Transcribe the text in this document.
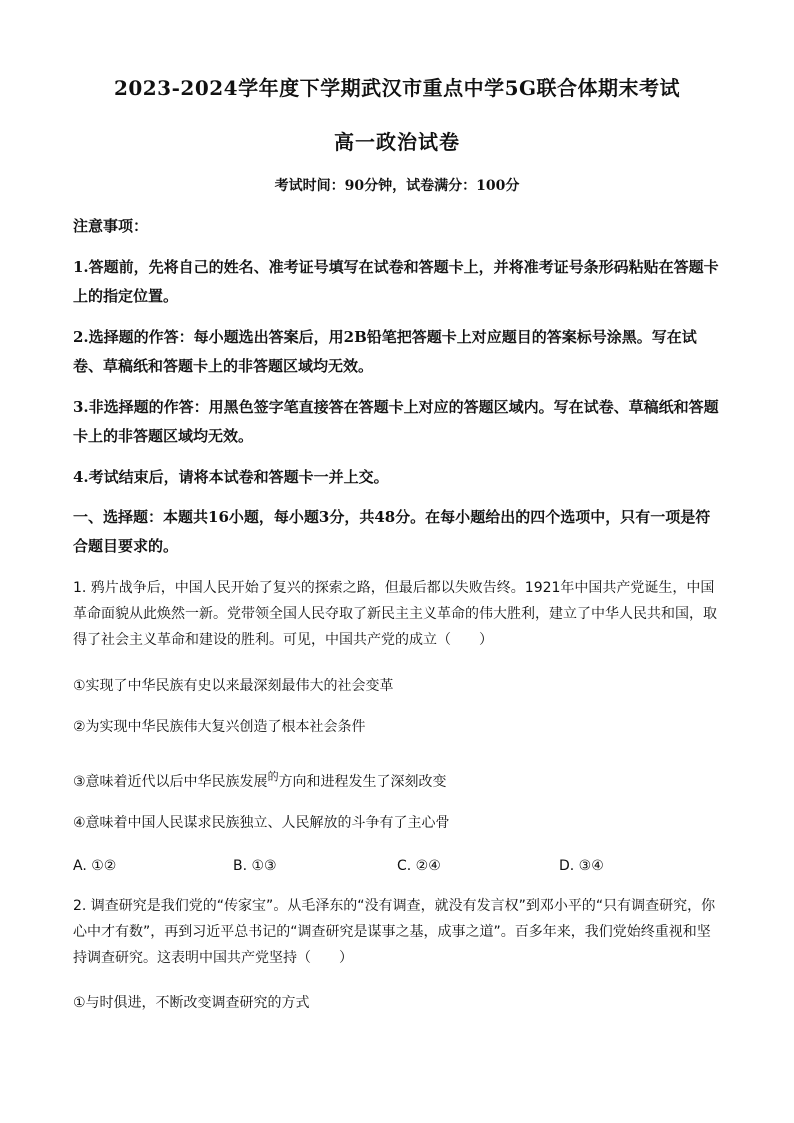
2023-2024学年度下学期武汉市重点中学5G联合体期末考试
高一政治试卷
考试时间：90分钟，试卷满分：100分
注意事项：
1.答题前，先将自己的姓名、准考证号填写在试卷和答题卡上，并将准考证号条形码粘贴在答题卡上的指定位置。
2.选择题的作答：每小题选出答案后，用2B铅笔把答题卡上对应题目的答案标号涂黑。写在试卷、草稿纸和答题卡上的非答题区域均无效。
3.非选择题的作答：用黑色签字笔直接答在答题卡上对应的答题区域内。写在试卷、草稿纸和答题卡上的非答题区域均无效。
4.考试结束后，请将本试卷和答题卡一并上交。
一、选择题：本题共16小题，每小题3分，共48分。在每小题给出的四个选项中，只有一项是符合题目要求的。
1. 鸦片战争后，中国人民开始了复兴的探索之路，但最后都以失败告终。1921年中国共产党诞生，中国革命面貌从此焕然一新。党带领全国人民夺取了新民主主义革命的伟大胜利，建立了中华人民共和国，取得了社会主义革命和建设的胜利。可见，中国共产党的成立（　　）
①实现了中华民族有史以来最深刻最伟大的社会变革
②为实现中华民族伟大复兴创造了根本社会条件
③意味着近代以后中华民族发展$^的$方向和进程发生了深刻改变
④意味着中国人民谋求民族独立、人民解放的斗争有了主心骨
A. ①②	B. ①③	C. ②④	D. ③④
2. 调查研究是我们党的“传家宝”。从毛泽东的“没有调查，就没有发言权”到邓小平的“只有调查研究，你心中才有数”，再到习近平总书记的“调查研究是谋事之基，成事之道”。百多年来，我们党始终重视和坚持调查研究。这表明中国共产党坚持（　　）
①与时俱进，不断改变调查研究的方式
